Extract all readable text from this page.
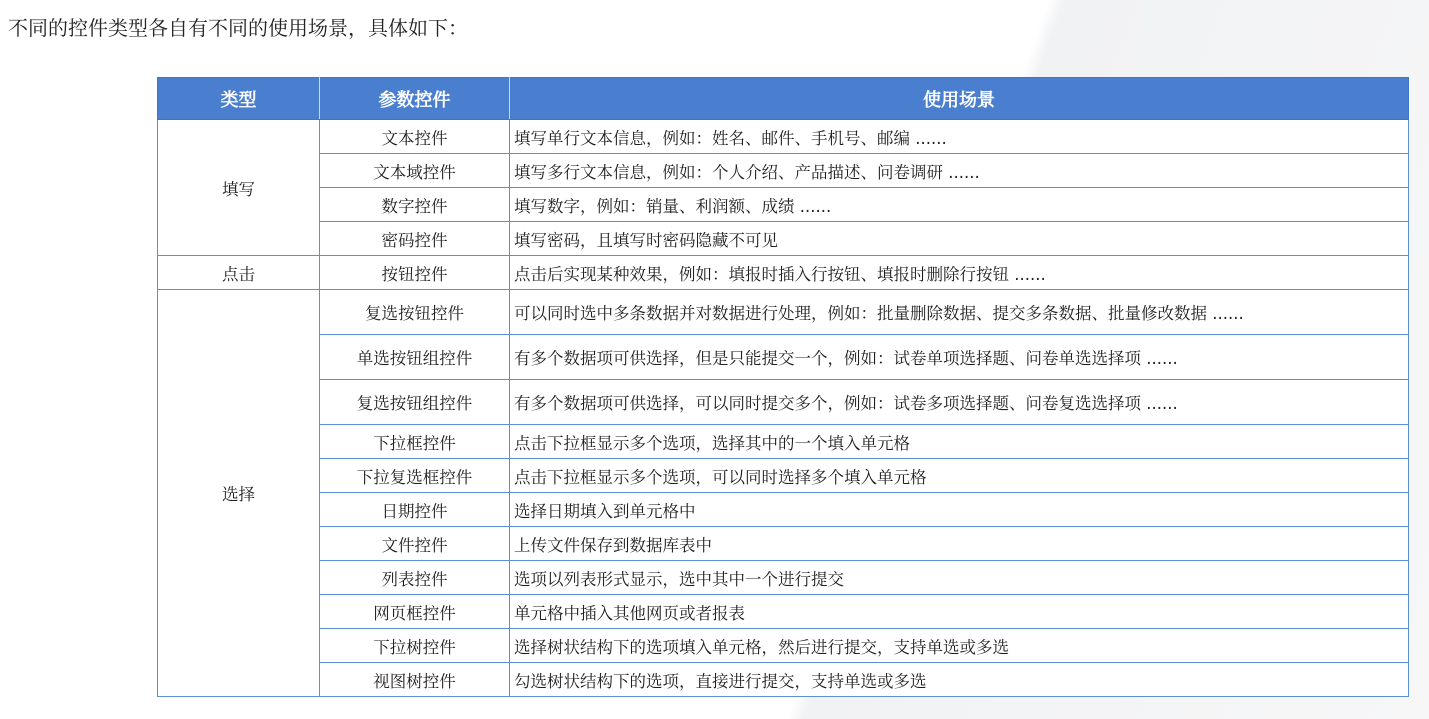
不同的控件类型各自有不同的使用场景，具体如下：
类型	参数控件	使用场景
填写	文本控件	填写单行文本信息，例如：姓名、邮件、手机号、邮编 ......
	文本域控件	填写多行文本信息，例如：个人介绍、产品描述、问卷调研 ......
	数字控件	填写数字，例如：销量、利润额、成绩 ......
	密码控件	填写密码，且填写时密码隐藏不可见
点击	按钮控件	点击后实现某种效果，例如：填报时插入行按钮、填报时删除行按钮 ......
选择	复选按钮控件	可以同时选中多条数据并对数据进行处理，例如：批量删除数据、提交多条数据、批量修改数据 ......
	单选按钮组控件	有多个数据项可供选择，但是只能提交一个，例如：试卷单项选择题、问卷单选选择项 ......
	复选按钮组控件	有多个数据项可供选择，可以同时提交多个，例如：试卷多项选择题、问卷复选选择项 ......
	下拉框控件	点击下拉框显示多个选项，选择其中的一个填入单元格
	下拉复选框控件	点击下拉框显示多个选项，可以同时选择多个填入单元格
	日期控件	选择日期填入到单元格中
	文件控件	上传文件保存到数据库表中
	列表控件	选项以列表形式显示，选中其中一个进行提交
	网页框控件	单元格中插入其他网页或者报表
	下拉树控件	选择树状结构下的选项填入单元格，然后进行提交，支持单选或多选
	视图树控件	勾选树状结构下的选项，直接进行提交，支持单选或多选
